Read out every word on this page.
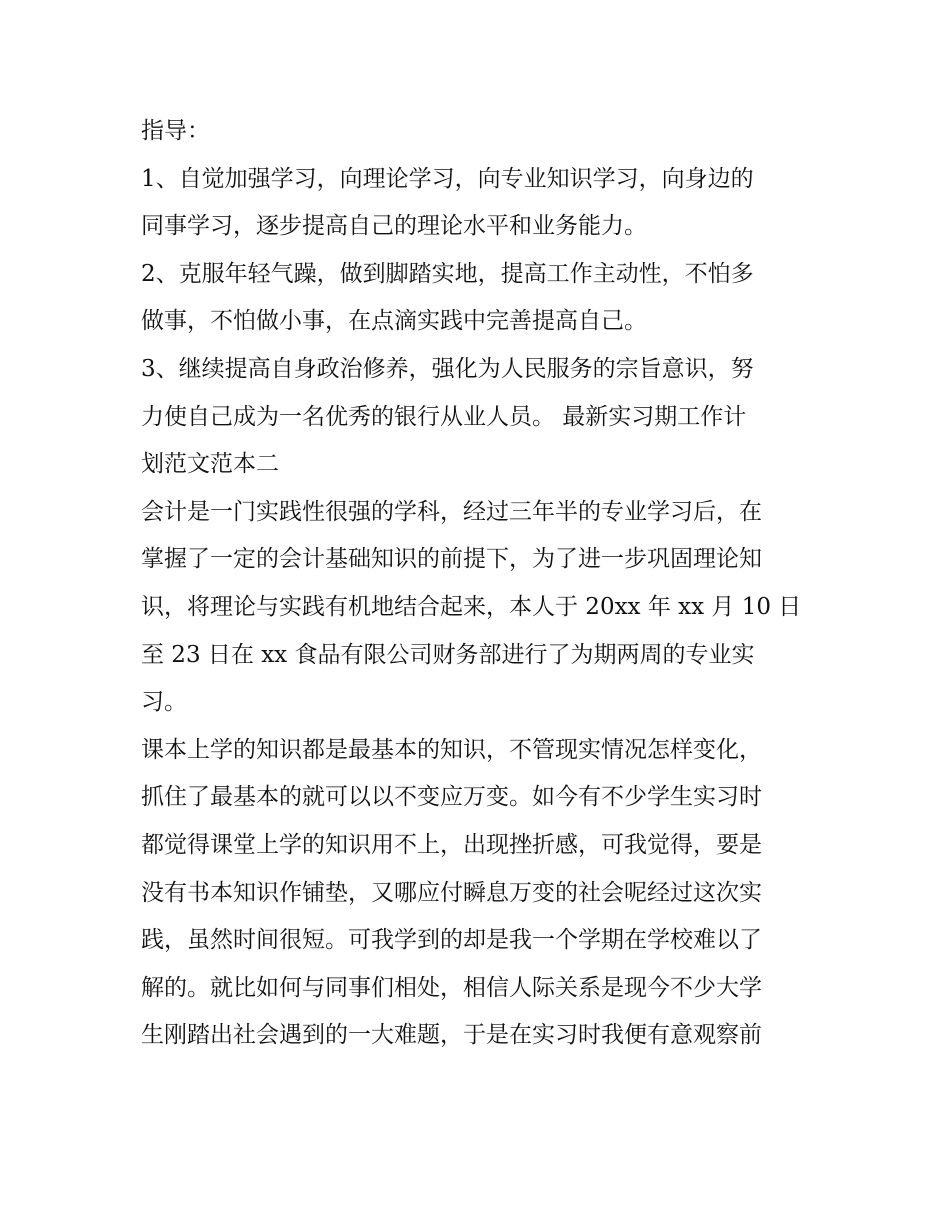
指导：
1、自觉加强学习，向理论学习，向专业知识学习，向身边的
同事学习，逐步提高自己的理论水平和业务能力。
2、克服年轻气躁，做到脚踏实地，提高工作主动性，不怕多
做事，不怕做小事，在点滴实践中完善提高自己。
3、继续提高自身政治修养，强化为人民服务的宗旨意识，努
力使自己成为一名优秀的银行从业人员。 最新实习期工作计
划范文范本二
会计是一门实践性很强的学科，经过三年半的专业学习后，在
掌握了一定的会计基础知识的前提下，为了进一步巩固理论知
识，将理论与实践有机地结合起来，本人于 20xx 年 xx 月 10 日
至 23 日在 xx 食品有限公司财务部进行了为期两周的专业实
习。
课本上学的知识都是最基本的知识，不管现实情况怎样变化，
抓住了最基本的就可以以不变应万变。如今有不少学生实习时
都觉得课堂上学的知识用不上，出现挫折感，可我觉得，要是
没有书本知识作铺垫，又哪应付瞬息万变的社会呢经过这次实
践，虽然时间很短。可我学到的却是我一个学期在学校难以了
解的。就比如何与同事们相处，相信人际关系是现今不少大学
生刚踏出社会遇到的一大难题，于是在实习时我便有意观察前
